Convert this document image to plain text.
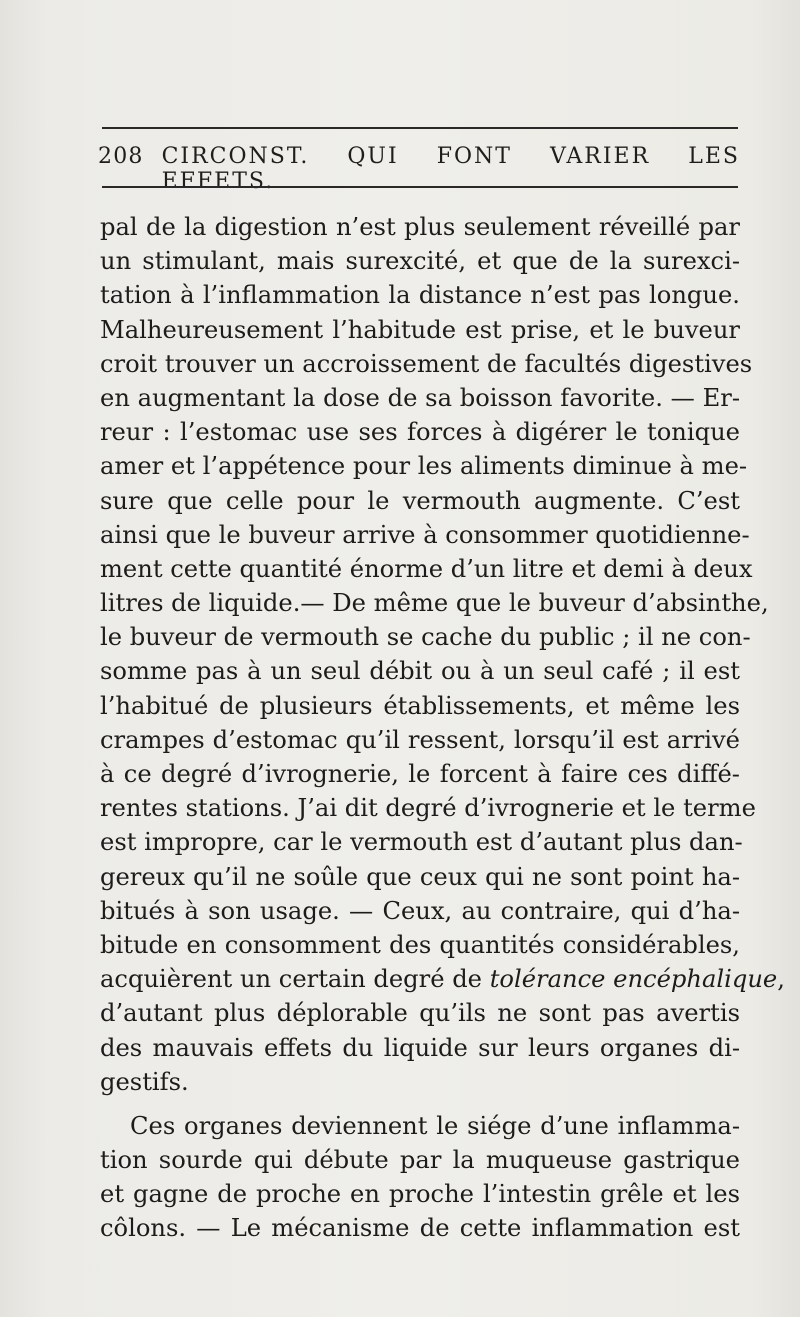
208 CIRCONST. QUI FONT VARIER LES EFFETS.
pal de la digestion n’est plus seulement réveillé par
un stimulant, mais surexcité, et que de la surexci-
tation à l’inflammation la distance n’est pas longue.
Malheureusement l’habitude est prise, et le buveur
croit trouver un accroissement de facultés digestives
en augmentant la dose de sa boisson favorite. — Er-
reur : l’estomac use ses forces à digérer le tonique
amer et l’appétence pour les aliments diminue à me-
sure que celle pour le vermouth augmente. C’est
ainsi que le buveur arrive à consommer quotidienne-
ment cette quantité énorme d’un litre et demi à deux
litres de liquide.— De même que le buveur d’absinthe,
le buveur de vermouth se cache du public ; il ne con-
somme pas à un seul débit ou à un seul café ; il est
l’habitué de plusieurs établissements, et même les
crampes d’estomac qu’il ressent, lorsqu’il est arrivé
à ce degré d’ivrognerie, le forcent à faire ces diffé-
rentes stations. J’ai dit degré d’ivrognerie et le terme
est impropre, car le vermouth est d’autant plus dan-
gereux qu’il ne soûle que ceux qui ne sont point ha-
bitués à son usage. — Ceux, au contraire, qui d’ha-
bitude en consomment des quantités considérables,
acquièrent un certain degré de tolérance encéphalique,
d’autant plus déplorable qu’ils ne sont pas avertis
des mauvais effets du liquide sur leurs organes di-
gestifs.
Ces organes deviennent le siége d’une inflamma-
tion sourde qui débute par la muqueuse gastrique
et gagne de proche en proche l’intestin grêle et les
côlons. — Le mécanisme de cette inflammation est
